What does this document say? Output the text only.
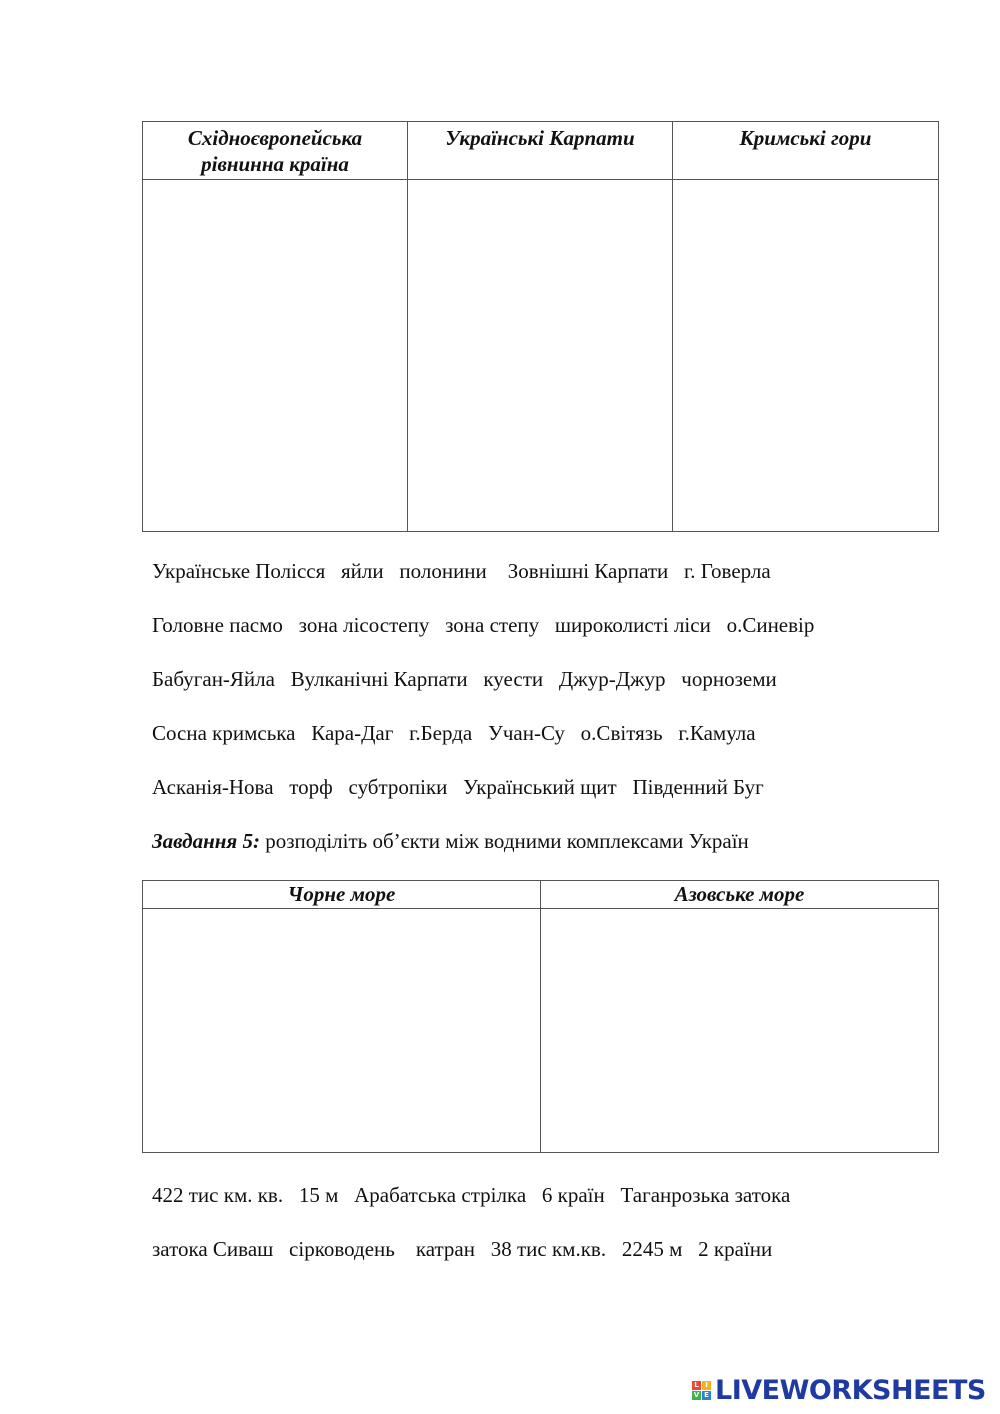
Східноєвропейська рівнинна країна	Українські Карпати	Кримські гори

Українське Полісся   яйли   полонини    Зовнішні Карпати   г. Говерла

Головне пасмо   зона лісостепу   зона степу   широколисті ліси   о.Синевір

Бабуган-Яйла   Вулканічні Карпати   куести   Джур-Джур   чорноземи

Сосна кримська   Кара-Даг   г.Берда   Учан-Су   о.Світязь   г.Камула

Асканія-Нова   торф   субтропіки   Український щит   Південний Буг

Завдання 5: розподіліть об’єкти між водними комплексами Україн

Чорне море	Азовське море

422 тис км. кв.   15 м   Арабатська стрілка   6 країн   Таганрозька затока

затока Сиваш   сірководень    катран   38 тис км.кв.   2245 м   2 країни

L I
V E LIVEWORKSHEETS
